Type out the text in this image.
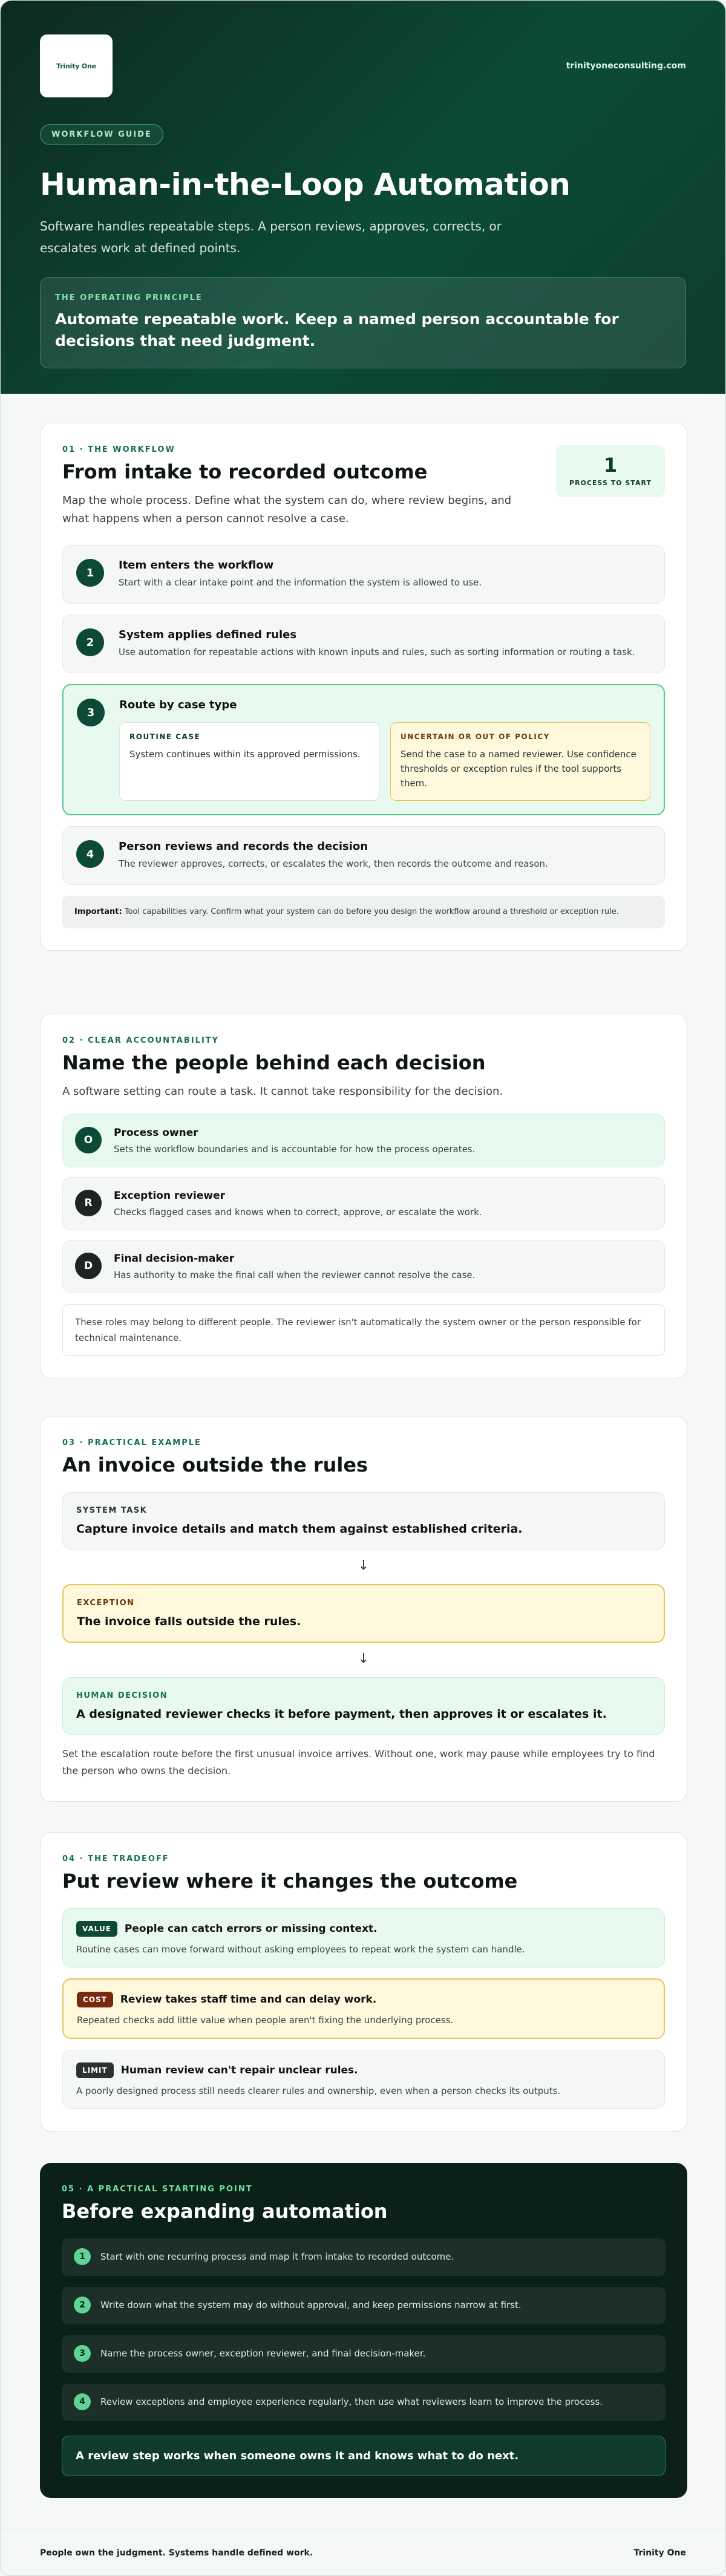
Trinity One	trinityoneconsulting.com
WORKFLOW GUIDE
Human-in-the-Loop Automation

Software handles repeatable steps. A person reviews, approves, corrects, or escalates work at defined points.

THE OPERATING PRINCIPLE
Automate repeatable work. Keep a named person accountable for decisions that need judgment.
01 · THE WORKFLOW
From intake to recorded outcome

Map the whole process. Define what the system can do, where review begins, and what happens when a person cannot resolve a case.

1
PROCESS TO START
1
Item enters the workflow
Start with a clear intake point and the information the system is allowed to use.
2
System applies defined rules
Use automation for repeatable actions with known inputs and rules, such as sorting information or routing a task.
3
Route by case type
ROUTINE CASE
System continues within its approved permissions.
UNCERTAIN OR OUT OF POLICY
Send the case to a named reviewer. Use confidence thresholds or exception rules if the tool supports them.
4
Person reviews and records the decision
The reviewer approves, corrects, or escalates the work, then records the outcome and reason.
Important: Tool capabilities vary. Confirm what your system can do before you design the workflow around a threshold or exception rule.
02 · CLEAR ACCOUNTABILITY
Name the people behind each decision

A software setting can route a task. It cannot take responsibility for the decision.

O
Process owner
Sets the workflow boundaries and is accountable for how the process operates.
R
Exception reviewer
Checks flagged cases and knows when to correct, approve, or escalate the work.
D
Final decision-maker
Has authority to make the final call when the reviewer cannot resolve the case.
These roles may belong to different people. The reviewer isn't automatically the system owner or the person responsible for technical maintenance.
03 · PRACTICAL EXAMPLE
An invoice outside the rules
SYSTEM TASK
Capture invoice details and match them against established criteria.
↓
EXCEPTION
The invoice falls outside the rules.
↓
HUMAN DECISION
A designated reviewer checks it before payment, then approves it or escalates it.

Set the escalation route before the first unusual invoice arrives. Without one, work may pause while employees try to find the person who owns the decision.

04 · THE TRADEOFF
Put review where it changes the outcome
VALUE	People can catch errors or missing context.
Routine cases can move forward without asking employees to repeat work the system can handle.
COST	Review takes staff time and can delay work.
Repeated checks add little value when people aren't fixing the underlying process.
LIMIT	Human review can't repair unclear rules.
A poorly designed process still needs clearer rules and ownership, even when a person checks its outputs.
05 · A PRACTICAL STARTING POINT
Before expanding automation
1	Start with one recurring process and map it from intake to recorded outcome.
2	Write down what the system may do without approval, and keep permissions narrow at first.
3	Name the process owner, exception reviewer, and final decision-maker.
4	Review exceptions and employee experience regularly, then use what reviewers learn to improve the process.
A review step works when someone owns it and knows what to do next.
People own the judgment. Systems handle defined work.	Trinity One
